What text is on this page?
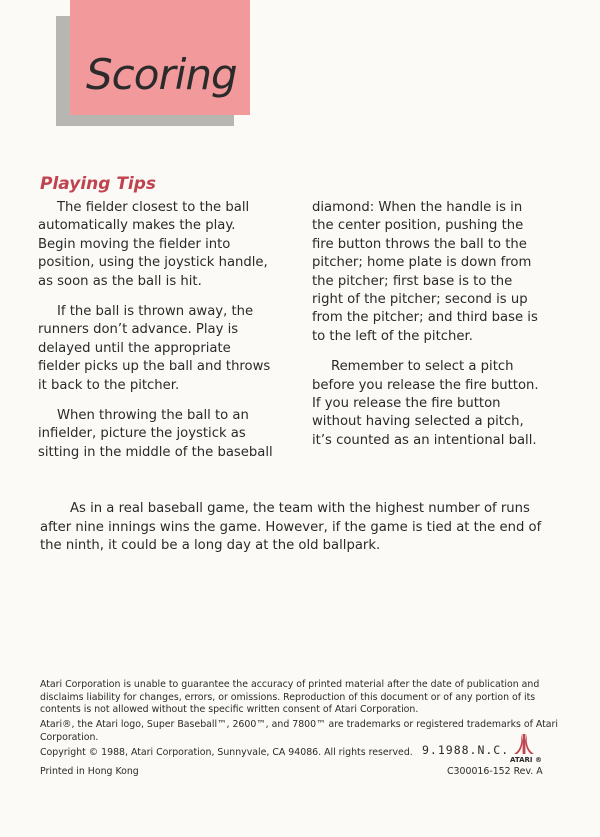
Scoring
Playing Tips

The fielder closest to the ball automatically makes the play. Begin moving the fielder into position, using the joystick handle, as soon as the ball is hit.

If the ball is thrown away, the runners don’t advance. Play is delayed until the appropriate fielder picks up the ball and throws it back to the pitcher.

When throwing the ball to an infielder, picture the joystick as sitting in the middle of the baseball

diamond: When the handle is in the center position, pushing the fire button throws the ball to the pitcher; home plate is down from the pitcher; first base is to the right of the pitcher; second is up from the pitcher; and third base is to the left of the pitcher.

Remember to select a pitch before you release the fire button. If you release the fire button without having selected a pitch, it’s counted as an intentional ball.

As in a real baseball game, the team with the highest number of runs after nine innings wins the game. However, if the game is tied at the end of the ninth, it could be a long day at the old ballpark.

Atari Corporation is unable to guarantee the accuracy of printed material after the date of publication and disclaims liability for changes, errors, or omissions. Reproduction of this document or of any portion of its contents is not allowed without the specific written consent of Atari Corporation.

Atari®, the Atari logo, Super Baseball™, 2600™, and 7800™ are trademarks or registered trademarks of Atari Corporation.

Copyright © 1988, Atari Corporation, Sunnyvale, CA 94086. All rights reserved. 9.1988.N.C.

ATARI ®

Printed in Hong Kong	C300016-152 Rev. A
